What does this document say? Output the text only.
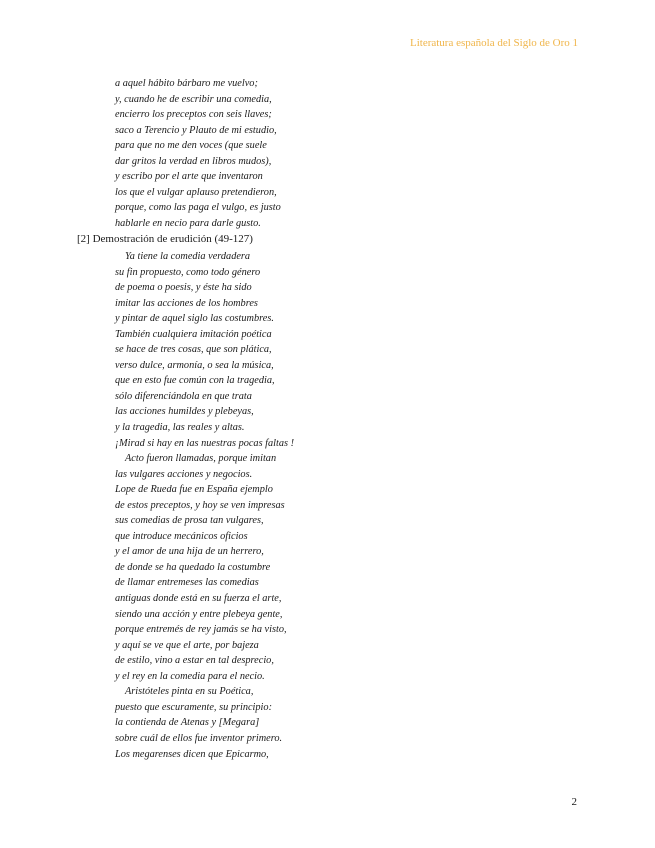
Literatura española del Siglo de Oro 1
a aquel hábito bárbaro me vuelvo;
y, cuando he de escribir una comedia,
encierro los preceptos con seis llaves;
saco a Terencio y Plauto de mi estudio,
para que no me den voces (que suele
dar gritos la verdad en libros mudos),
y escribo por el arte que inventaron
los que el vulgar aplauso pretendieron,
porque, como las paga el vulgo, es justo
hablarle en necio para darle gusto.
[2] Demostración de erudición (49-127)
Ya tiene la comedia verdadera
su fin propuesto, como todo género
de poema o poesis, y éste ha sido
imitar las acciones de los hombres
y pintar de aquel siglo las costumbres.
También cualquiera imitación poética
se hace de tres cosas, que son plática,
verso dulce, armonía, o sea la música,
que en esto fue común con la tragedia,
sólo diferenciándola en que trata
las acciones humildes y plebeyas,
y la tragedia, las reales y altas.
¡Mirad si hay en las nuestras pocas faltas !
Acto fueron llamadas, porque imitan
las vulgares acciones y negocios.
Lope de Rueda fue en España ejemplo
de estos preceptos, y hoy se ven impresas
sus comedias de prosa tan vulgares,
que introduce mecánicos oficios
y el amor de una hija de un herrero,
de donde se ha quedado la costumbre
de llamar entremeses las comedias
antiguas donde está en su fuerza el arte,
siendo una acción y entre plebeya gente,
porque entremés de rey jamás se ha visto,
y aquí se ve que el arte, por bajeza
de estilo, vino a estar en tal desprecio,
y el rey en la comedia para el necio.
Aristóteles pinta en su Poética,
puesto que escuramente, su principio:
la contienda de Atenas y [Megara]
sobre cuál de ellos fue inventor primero.
Los megarenses dicen que Epicarmo,
2
